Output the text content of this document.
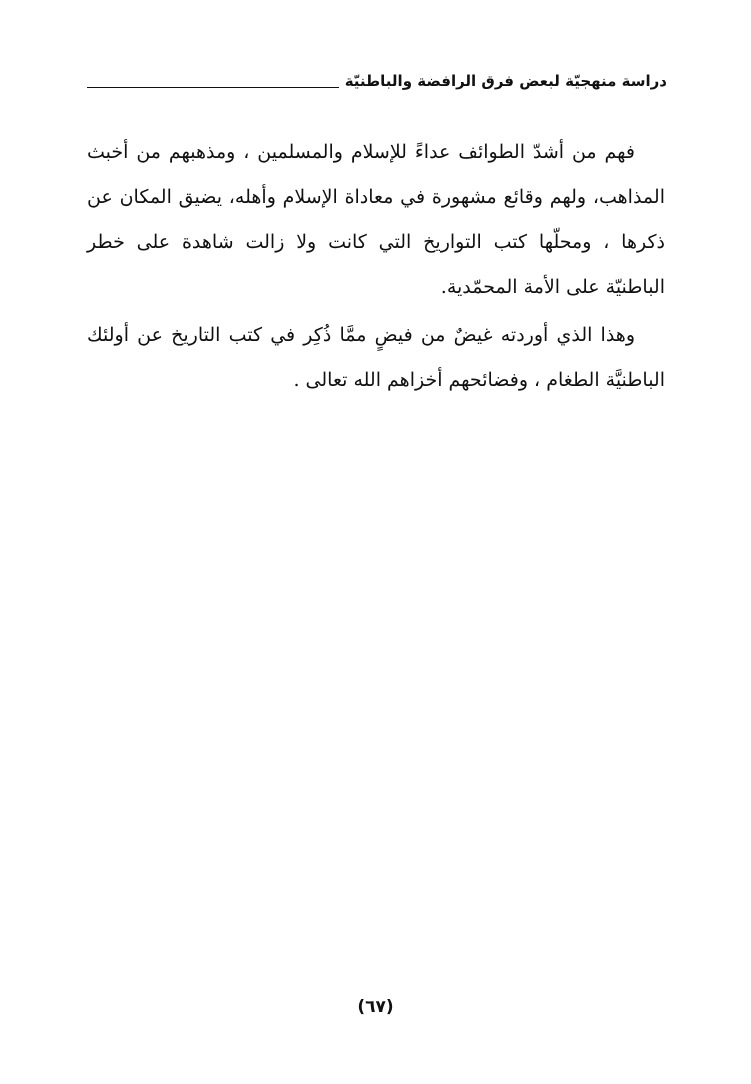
دراسة منهجيّة لبعض فرق الرافضة والباطنيّة

فهم من أشدّ الطوائف عداءً للإسلام والمسلمين ، ومذهبهم من أخبث المذاهب، ولهم وقائع مشهورة في معاداة الإسلام وأهله، يضيق المكان عن ذكرها ، ومحلّها كتب التواريخ التي كانت ولا زالت شاهدة على خطر الباطنيّة على الأمة المحمّدية.

وهذا الذي أوردته غيضٌ من فيضٍ ممَّا ذُكِر في كتب التاريخ عن أولئك الباطنيَّة الطغام ، وفضائحهم أخزاهم الله تعالى .

(٦٧)
